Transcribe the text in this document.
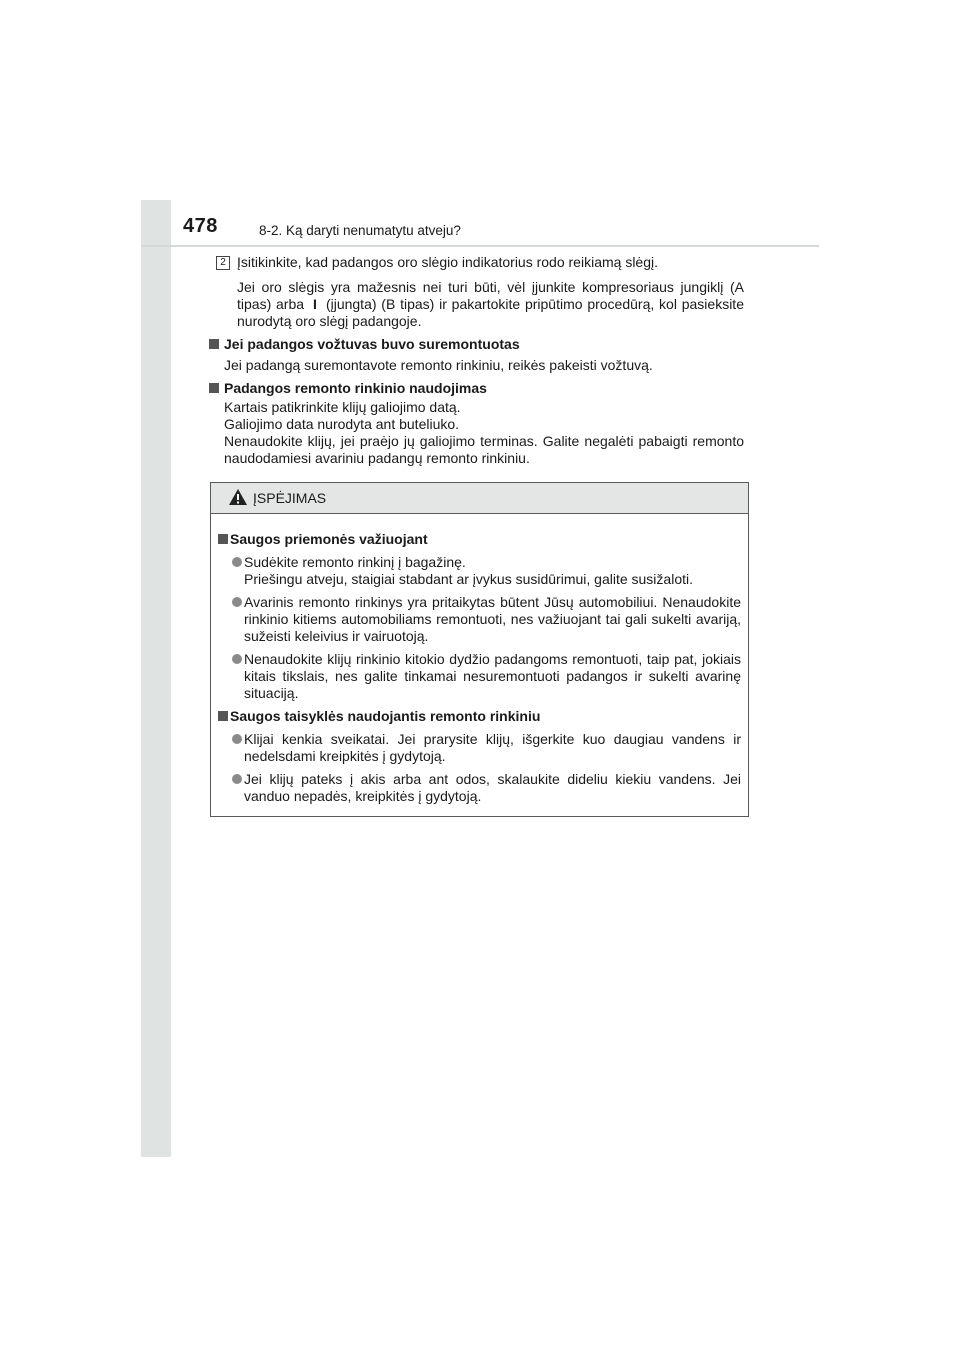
478	8-2. Ką daryti nenumatytu atveju?
2 Įsitikinkite, kad padangos oro slėgio indikatorius rodo reikiamą slėgį.
Jei oro slėgis yra mažesnis nei turi būti, vėl įjunkite kompresoriaus jungiklį (A tipas) arba I (įjungta) (B tipas) ir pakartokite pripūtimo procedūrą, kol pasieksite nurodytą oro slėgį padangoje.
Jei padangos vožtuvas buvo suremontuotas
Jei padangą suremontavote remonto rinkiniu, reikės pakeisti vožtuvą.
Padangos remonto rinkinio naudojimas
Kartais patikrinkite klijų galiojimo datą.
Galiojimo data nurodyta ant buteliuko.
Nenaudokite klijų, jei praėjo jų galiojimo terminas. Galite negalėti pabaigti remonto naudodamiesi avariniu padangų remonto rinkiniu.
ĮSPĖJIMAS
Saugos priemonės važiuojant
Sudėkite remonto rinkinį į bagažinę.
Priešingu atveju, staigiai stabdant ar įvykus susidūrimui, galite susižaloti.
Avarinis remonto rinkinys yra pritaikytas būtent Jūsų automobiliui. Nenaudokite rinkinio kitiems automobiliams remontuoti, nes važiuojant tai gali sukelti avariją, sužeisti keleivius ir vairuotoją.
Nenaudokite klijų rinkinio kitokio dydžio padangoms remontuoti, taip pat, jokiais kitais tikslais, nes galite tinkamai nesuremontuoti padangos ir sukelti avarinę situaciją.
Saugos taisyklės naudojantis remonto rinkiniu
Klijai kenkia sveikatai. Jei prarysite klijų, išgerkite kuo daugiau vandens ir nedelsdami kreipkitės į gydytoją.
Jei klijų pateks į akis arba ant odos, skalaukite dideliu kiekiu vandens. Jei vanduo nepadės, kreipkitės į gydytoją.
